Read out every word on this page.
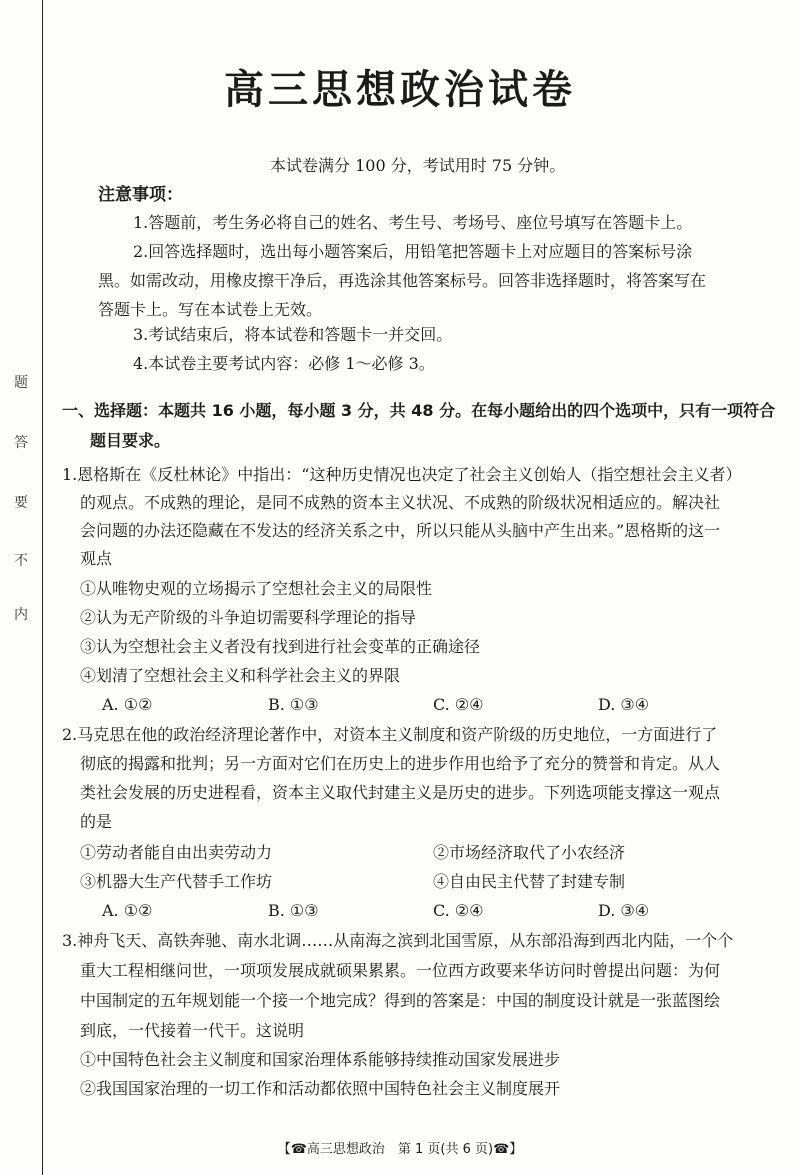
题
答
要
不
内
高三思想政治试卷
本试卷满分 100 分，考试用时 75 分钟。
注意事项：
1.答题前，考生务必将自己的姓名、考生号、考场号、座位号填写在答题卡上。
2.回答选择题时，选出每小题答案后，用铅笔把答题卡上对应题目的答案标号涂
黑。如需改动，用橡皮擦干净后，再选涂其他答案标号。回答非选择题时，将答案写在
答题卡上。写在本试卷上无效。
3.考试结束后，将本试卷和答题卡一并交回。
4.本试卷主要考试内容：必修 1～必修 3。
一、选择题：本题共 16 小题，每小题 3 分，共 48 分。在每小题给出的四个选项中，只有一项符合
题目要求。
1.恩格斯在《反杜林论》中指出：“这种历史情况也决定了社会主义创始人（指空想社会主义者）
的观点。不成熟的理论，是同不成熟的资本主义状况、不成熟的阶级状况相适应的。解决社
会问题的办法还隐藏在不发达的经济关系之中，所以只能从头脑中产生出来。”恩格斯的这一
观点
①从唯物史观的立场揭示了空想社会主义的局限性
②认为无产阶级的斗争迫切需要科学理论的指导
③认为空想社会主义者没有找到进行社会变革的正确途径
④划清了空想社会主义和科学社会主义的界限
A. ①②	B. ①③	C. ②④	D. ③④
2.马克思在他的政治经济理论著作中，对资本主义制度和资产阶级的历史地位，一方面进行了
彻底的揭露和批判；另一方面对它们在历史上的进步作用也给予了充分的赞誉和肯定。从人
类社会发展的历史进程看，资本主义取代封建主义是历史的进步。下列选项能支撑这一观点
的是
①劳动者能自由出卖劳动力	②市场经济取代了小农经济
③机器大生产代替手工作坊	④自由民主代替了封建专制
A. ①②	B. ①③	C. ②④	D. ③④
3.神舟飞天、高铁奔驰、南水北调……从南海之滨到北国雪原，从东部沿海到西北内陆，一个个
重大工程相继问世，一项项发展成就硕果累累。一位西方政要来华访问时曾提出问题：为何
中国制定的五年规划能一个接一个地完成？得到的答案是：中国的制度设计就是一张蓝图绘
到底，一代接着一代干。这说明
①中国特色社会主义制度和国家治理体系能够持续推动国家发展进步
②我国国家治理的一切工作和活动都依照中国特色社会主义制度展开
【☎高三思想政治　第 1 页(共 6 页)☎】
